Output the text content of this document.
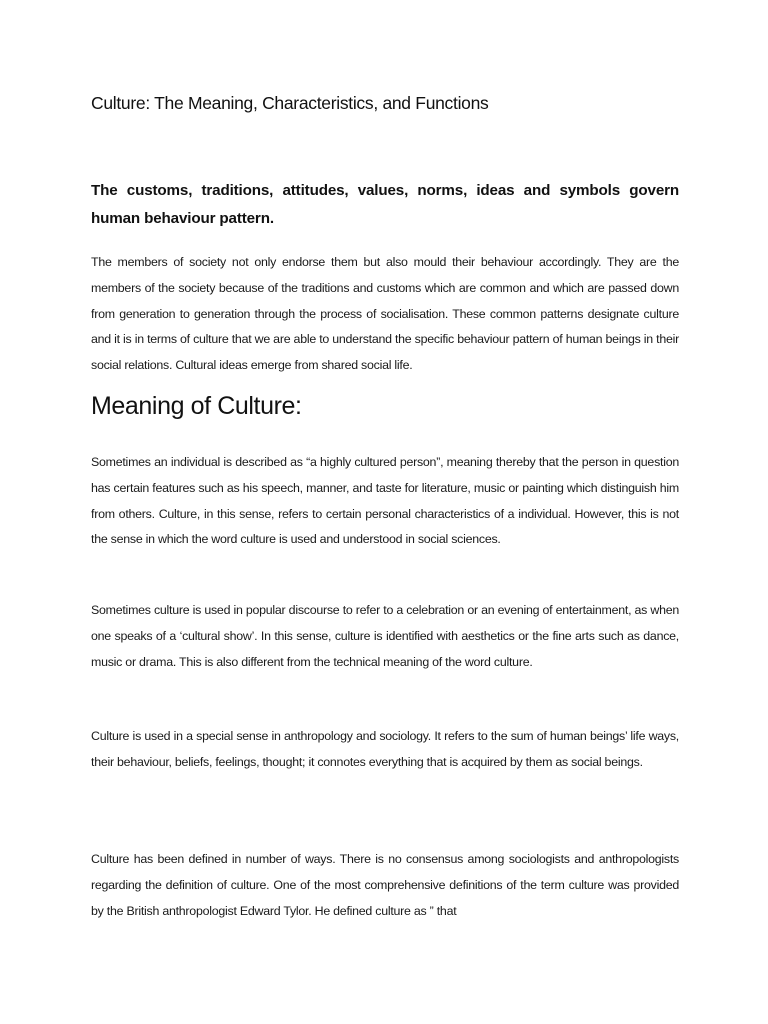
Culture: The Meaning, Characteristics, and Functions

The customs, traditions, attitudes, values, norms, ideas and symbols govern human behaviour pattern.

The members of society not only endorse them but also mould their behaviour accordingly. They are the members of the society because of the traditions and customs which are common and which are passed down from generation to generation through the process of socialisation. These common patterns designate culture and it is in terms of culture that we are able to understand the specific behaviour pattern of human beings in their social relations. Cultural ideas emerge from shared social life.

Meaning of Culture:

Sometimes an individual is described as “a highly cultured person”, meaning thereby that the person in question has certain features such as his speech, manner, and taste for literature, music or painting which distinguish him from others. Culture, in this sense, refers to certain personal characteristics of a individual. However, this is not the sense in which the word culture is used and understood in social sciences.

Sometimes culture is used in popular discourse to refer to a celebration or an evening of entertainment, as when one speaks of a ‘cultural show’. In this sense, culture is identified with aesthetics or the fine arts such as dance, music or drama. This is also different from the technical meaning of the word culture.

Culture is used in a special sense in anthropology and sociology. It refers to the sum of human beings’ life ways, their behaviour, beliefs, feelings, thought; it connotes everything that is acquired by them as social beings.

Culture has been defined in number of ways. There is no consensus among sociologists and anthropologists regarding the definition of culture. One of the most comprehensive definitions of the term culture was provided by the British anthropologist Edward Tylor. He defined culture as ” that
